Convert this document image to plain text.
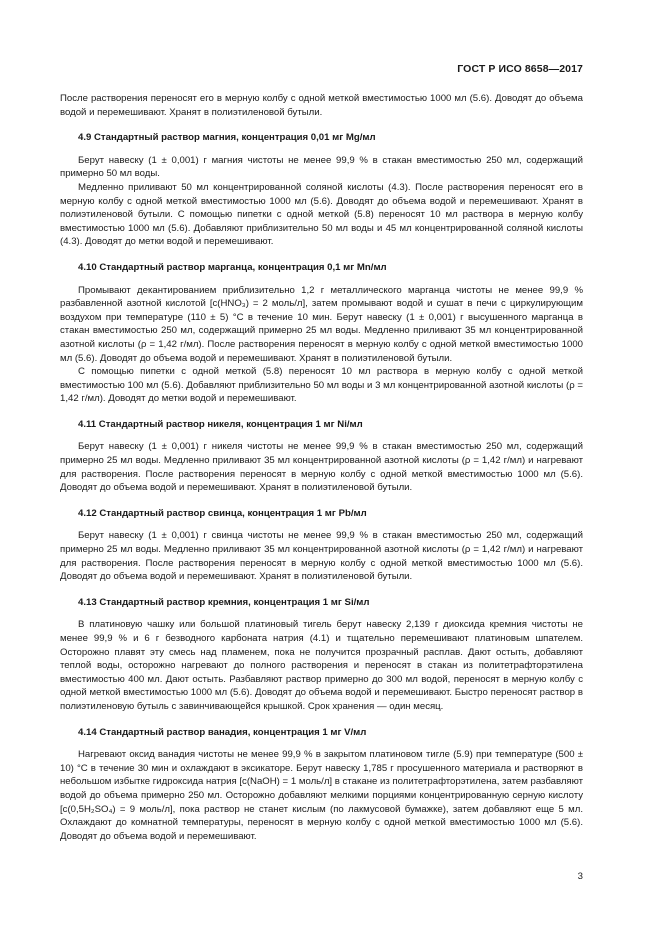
ГОСТ Р ИСО 8658—2017

После растворения переносят его в мерную колбу с одной меткой вместимостью 1000 мл (5.6). Доводят до объема водой и перемешивают. Хранят в полиэтиленовой бутыли.

4.9 Стандартный раствор магния, концентрация 0,01 мг Mg/мл

Берут навеску (1 ± 0,001) г магния чистоты не менее 99,9 % в стакан вместимостью 250 мл, содержащий примерно 50 мл воды.

Медленно приливают 50 мл концентрированной соляной кислоты (4.3). После растворения переносят его в мерную колбу с одной меткой вместимостью 1000 мл (5.6). Доводят до объема водой и перемешивают. Хранят в полиэтиленовой бутыли. С помощью пипетки с одной меткой (5.8) переносят 10 мл раствора в мерную колбу вместимостью 1000 мл (5.6). Добавляют приблизительно 50 мл воды и 45 мл концентрированной соляной кислоты (4.3). Доводят до метки водой и перемешивают.

4.10 Стандартный раствор марганца, концентрация 0,1 мг Mn/мл

Промывают декантированием приблизительно 1,2 г металлического марганца чистоты не менее 99,9 % разбавленной азотной кислотой [c(HNO₃) = 2 моль/л], затем промывают водой и сушат в печи с циркулирующим воздухом при температуре (110 ± 5) °С в течение 10 мин. Берут навеску (1 ± 0,001) г высушенного марганца в стакан вместимостью 250 мл, содержащий примерно 25 мл воды. Медленно приливают 35 мл концентрированной азотной кислоты (ρ = 1,42 г/мл). После растворения переносят в мерную колбу с одной меткой вместимостью 1000 мл (5.6). Доводят до объема водой и перемешивают. Хранят в полиэтиленовой бутыли.

С помощью пипетки с одной меткой (5.8) переносят 10 мл раствора в мерную колбу с одной меткой вместимостью 100 мл (5.6). Добавляют приблизительно 50 мл воды и 3 мл концентрированной азотной кислоты (ρ = 1,42 г/мл). Доводят до метки водой и перемешивают.

4.11 Стандартный раствор никеля, концентрация 1 мг Ni/мл

Берут навеску (1 ± 0,001) г никеля чистоты не менее 99,9 % в стакан вместимостью 250 мл, содержащий примерно 25 мл воды. Медленно приливают 35 мл концентрированной азотной кислоты (ρ = 1,42 г/мл) и нагревают для растворения. После растворения переносят в мерную колбу с одной меткой вместимостью 1000 мл (5.6). Доводят до объема водой и перемешивают. Хранят в полиэтиленовой бутыли.

4.12 Стандартный раствор свинца, концентрация 1 мг Pb/мл

Берут навеску (1 ± 0,001) г свинца чистоты не менее 99,9 % в стакан вместимостью 250 мл, содержащий примерно 25 мл воды. Медленно приливают 35 мл концентрированной азотной кислоты (ρ = 1,42 г/мл) и нагревают для растворения. После растворения переносят в мерную колбу с одной меткой вместимостью 1000 мл (5.6). Доводят до объема водой и перемешивают. Хранят в полиэтиленовой бутыли.

4.13 Стандартный раствор кремния, концентрация 1 мг Si/мл

В платиновую чашку или большой платиновый тигель берут навеску 2,139 г диоксида кремния чистоты не менее 99,9 % и 6 г безводного карбоната натрия (4.1) и тщательно перемешивают платиновым шпателем. Осторожно плавят эту смесь над пламенем, пока не получится прозрачный расплав. Дают остыть, добавляют теплой воды, осторожно нагревают до полного растворения и переносят в стакан из политетрафторэтилена вместимостью 400 мл. Дают остыть. Разбавляют раствор примерно до 300 мл водой, переносят в мерную колбу с одной меткой вместимостью 1000 мл (5.6). Доводят до объема водой и перемешивают. Быстро переносят раствор в полиэтиленовую бутыль с завинчивающейся крышкой. Срок хранения — один месяц.

4.14 Стандартный раствор ванадия, концентрация 1 мг V/мл

Нагревают оксид ванадия чистоты не менее 99,9 % в закрытом платиновом тигле (5.9) при температуре (500 ± 10) °С в течение 30 мин и охлаждают в эксикаторе. Берут навеску 1,785 г просушенного материала и растворяют в небольшом избытке гидроксида натрия [c(NaOH) = 1 моль/л] в стакане из политетрафторэтилена, затем разбавляют водой до объема примерно 250 мл. Осторожно добавляют мелкими порциями концентрированную серную кислоту [c(0,5H₂SO₄) = 9 моль/л], пока раствор не станет кислым (по лакмусовой бумажке), затем добавляют еще 5 мл. Охлаждают до комнатной температуры, переносят в мерную колбу с одной меткой вместимостью 1000 мл (5.6). Доводят до объема водой и перемешивают.

3
